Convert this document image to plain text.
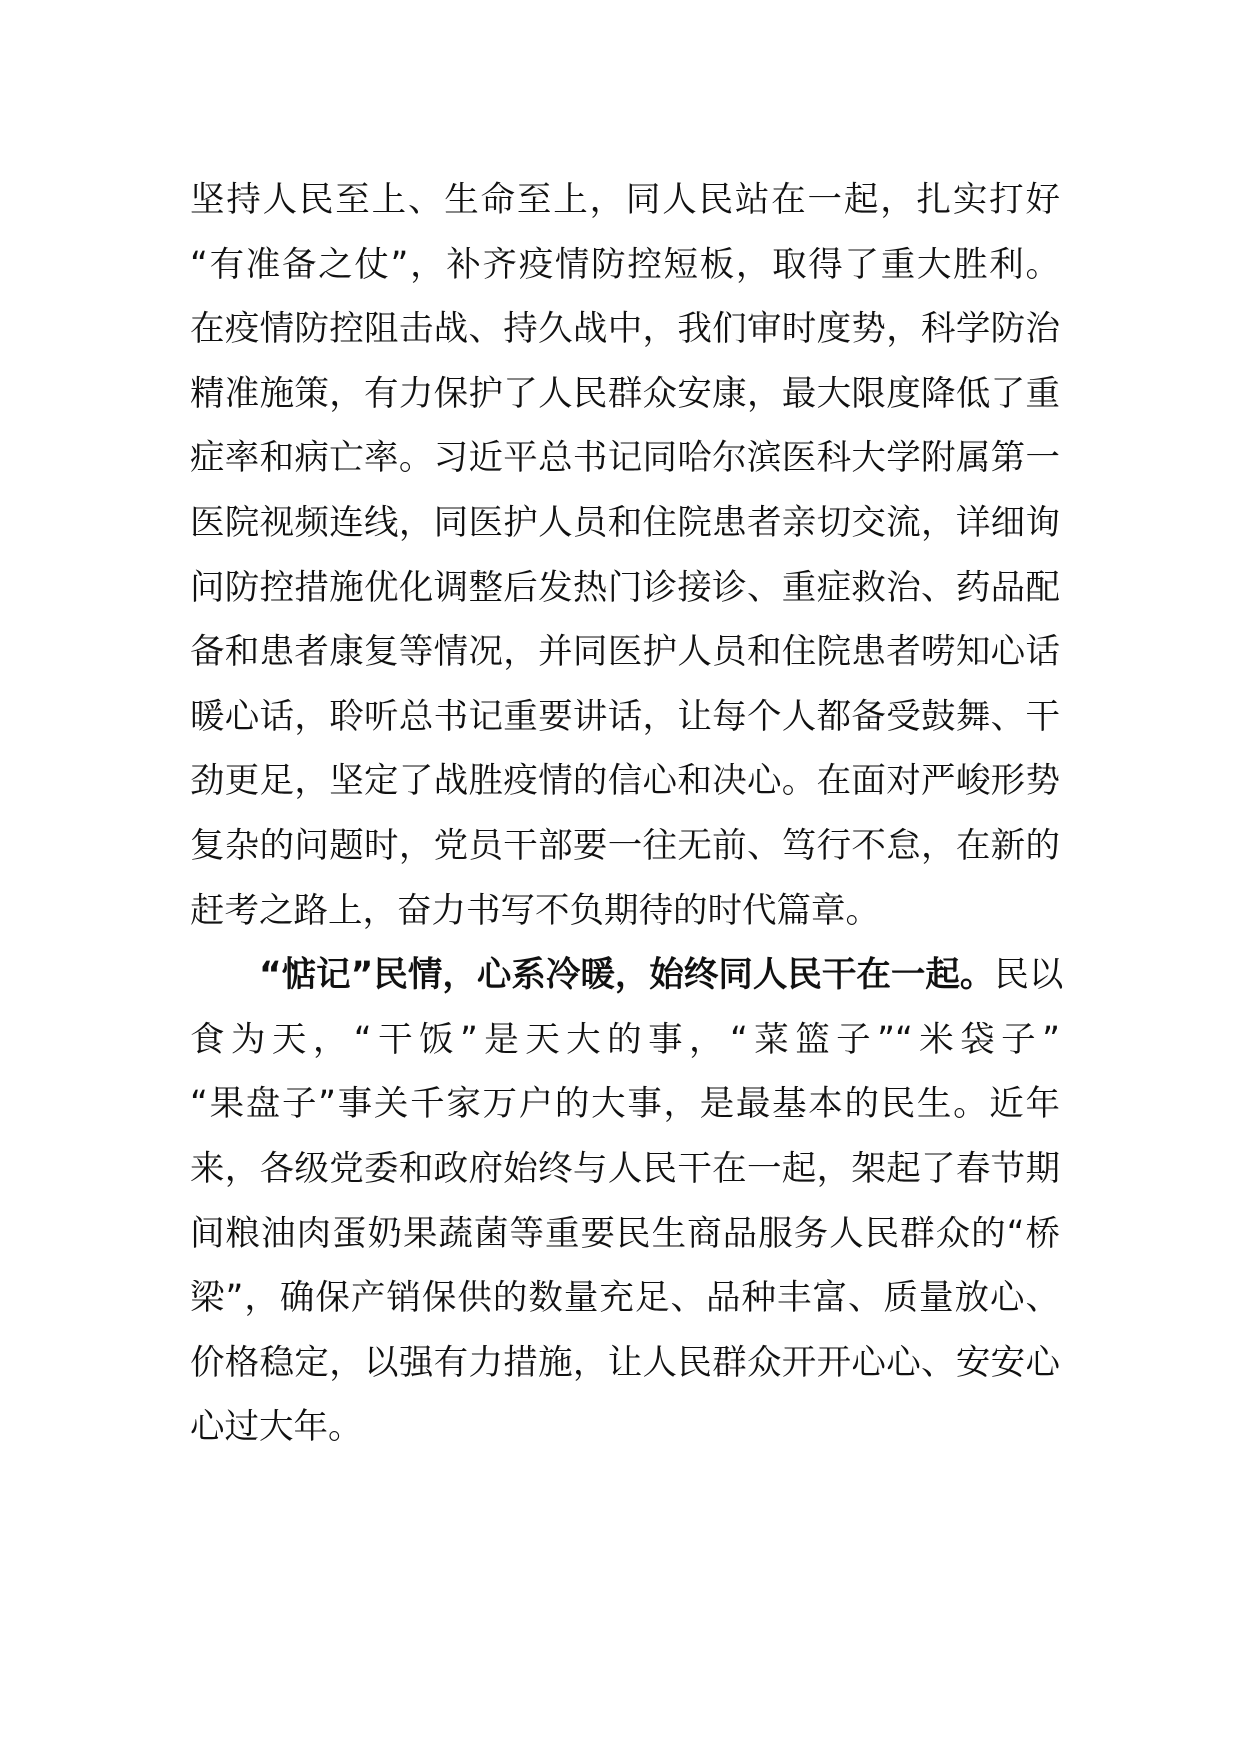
坚持人民至上、生命至上，同人民站在一起，扎实打好
“有准备之仗”，补齐疫情防控短板，取得了重大胜利。
在疫情防控阻击战、持久战中，我们审时度势，科学防治
精准施策，有力保护了人民群众安康，最大限度降低了重
症率和病亡率。习近平总书记同哈尔滨医科大学附属第一
医院视频连线，同医护人员和住院患者亲切交流，详细询
问防控措施优化调整后发热门诊接诊、重症救治、药品配
备和患者康复等情况，并同医护人员和住院患者唠知心话
暖心话，聆听总书记重要讲话，让每个人都备受鼓舞、干
劲更足，坚定了战胜疫情的信心和决心。在面对严峻形势
复杂的问题时，党员干部要一往无前、笃行不怠，在新的
赶考之路上，奋力书写不负期待的时代篇章。

“惦记”民情，心系冷暖，始终同人民干在一起。民以
食为天，“干饭”是天大的事，“菜篮子”“米袋子”
“果盘子”事关千家万户的大事，是最基本的民生。近年
来，各级党委和政府始终与人民干在一起，架起了春节期
间粮油肉蛋奶果蔬菌等重要民生商品服务人民群众的“桥
梁”，确保产销保供的数量充足、品种丰富、质量放心、
价格稳定，以强有力措施，让人民群众开开心心、安安心
心过大年。
